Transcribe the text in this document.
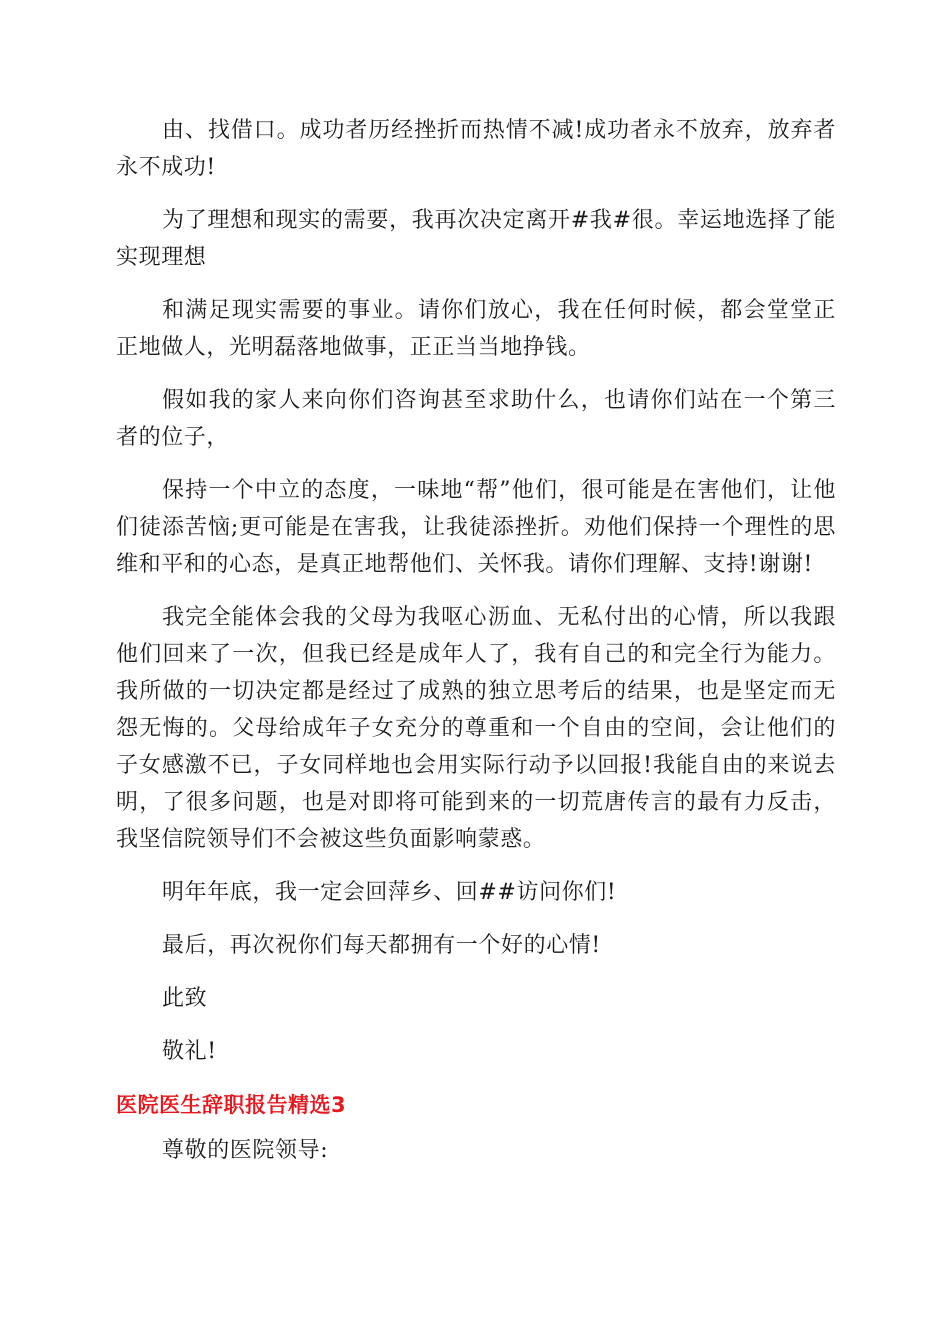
由、找借口。成功者历经挫折而热情不减!成功者永不放弃，放弃者永不成功!

为了理想和现实的需要，我再次决定离开#我#很。幸运地选择了能实现理想

和满足现实需要的事业。请你们放心，我在任何时候，都会堂堂正正地做人，光明磊落地做事，正正当当地挣钱。

假如我的家人来向你们咨询甚至求助什么，也请你们站在一个第三者的位子，

保持一个中立的态度，一味地“帮”他们，很可能是在害他们，让他们徒添苦恼;更可能是在害我，让我徒添挫折。劝他们保持一个理性的思维和平和的心态，是真正地帮他们、关怀我。请你们理解、支持!谢谢!

我完全能体会我的父母为我呕心沥血、无私付出的心情，所以我跟他们回来了一次，但我已经是成年人了，我有自己的和完全行为能力。我所做的一切决定都是经过了成熟的独立思考后的结果，也是坚定而无怨无悔的。父母给成年子女充分的尊重和一个自由的空间，会让他们的子女感激不已，子女同样地也会用实际行动予以回报!我能自由的来说去明，了很多问题，也是对即将可能到来的一切荒唐传言的最有力反击，我坚信院领导们不会被这些负面影响蒙惑。

明年年底，我一定会回萍乡、回##访问你们!

最后，再次祝你们每天都拥有一个好的心情!

此致

敬礼!

医院医生辞职报告精选3

尊敬的医院领导:
